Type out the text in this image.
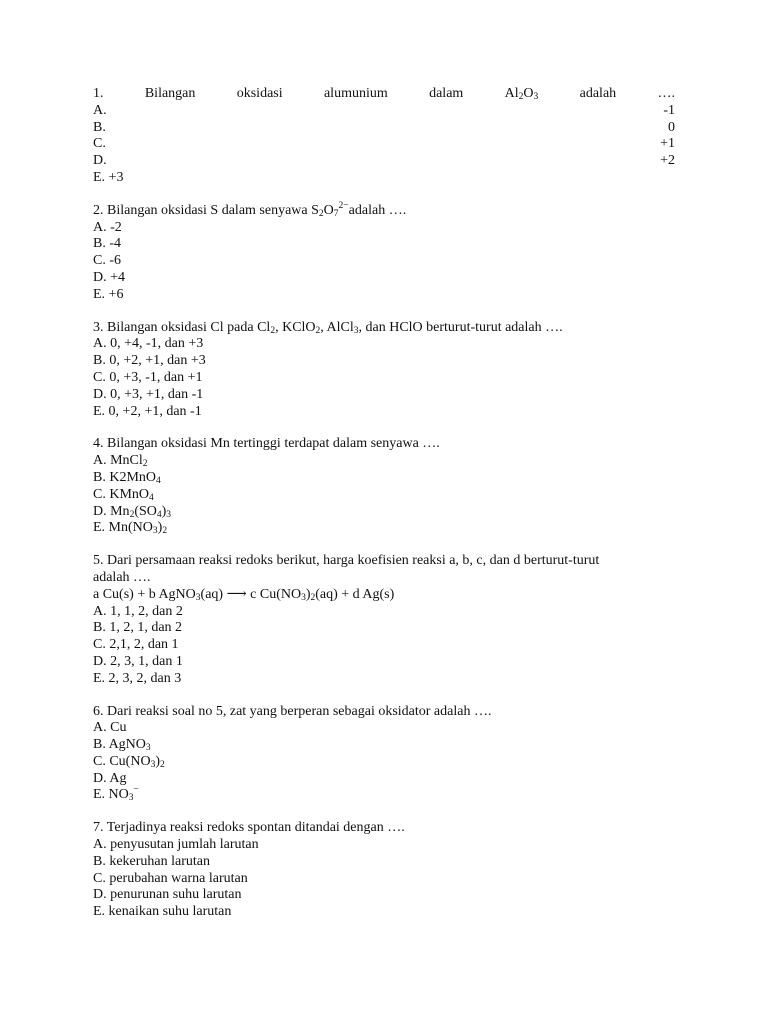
1.	Bilangan	oksidasi	alumunium	dalam	$Al_2O_3$	adalah	….
A.	-1
B.	0
C.	+1
D.	+2
E. +3
2. Bilangan oksidasi S dalam senyawa $S_2O_7^{2-}adalah$ ….
A. -2
B. -4
C. -6
D. +4
E. +6
3. Bilangan oksidasi Cl pada $Cl_2$, KClO$_2$, AlCl$_3$, dan HClO berturut-turut adalah ….
A. 0, +4, -1, dan +3
B. 0, +2, +1, dan +3
C. 0, +3, -1, dan +1
D. 0, +3, +1, dan -1
E. 0, +2, +1, dan -1
4. Bilangan oksidasi Mn tertinggi terdapat dalam senyawa ….
A. MnCl$_2$
B. K2MnO$_4$
C. KMnO$_4$
D. $Mn_2(SO_4)_3$
E. $Mn(NO_3)_2$
5. Dari persamaan reaksi redoks berikut, harga koefisien reaksi a, b, c, dan d berturut-turut
adalah ….
a Cu(s) + b AgNO$_3$(aq) ⟶ c $Cu(NO_3)_2(aq) + d$ Ag(s)
A. 1, 1, 2, dan 2
B. 1, 2, 1, dan 2
C. 2,1, 2, dan 1
D. 2, 3, 1, dan 1
E. 2, 3, 2, dan 3
6. Dari reaksi soal no 5, zat yang berperan sebagai oksidator adalah ….
A. Cu
B. AgNO$_3$
C. $Cu(NO_3)_2$
D. Ag
E. $NO_3^-$
7. Terjadinya reaksi redoks spontan ditandai dengan ….
A. penyusutan jumlah larutan
B. kekeruhan larutan
C. perubahan warna larutan
D. penurunan suhu larutan
E. kenaikan suhu larutan
